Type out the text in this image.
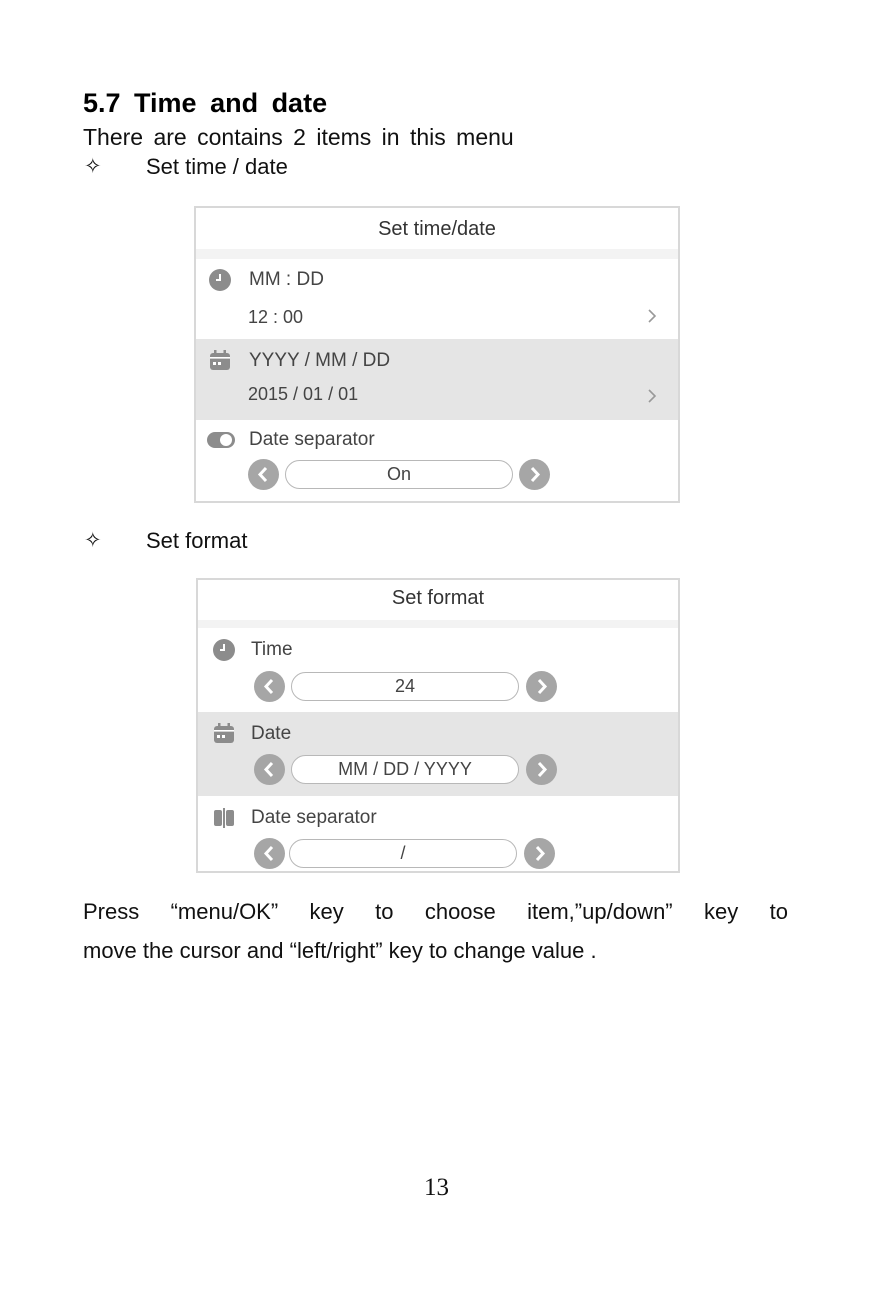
5.7 Time and date
There are contains 2 items in this menu
✧ Set time / date
Set time/date
MM : DD
12 : 00
YYYY / MM / DD
2015 / 01 / 01
Date separator
On
✧ Set format
Set format
Time
24
Date
MM / DD / YYYY
Date separator
/
Press “menu/OK” key to choose item,”up/down” key to
move the cursor and “left/right” key to change value .
13
